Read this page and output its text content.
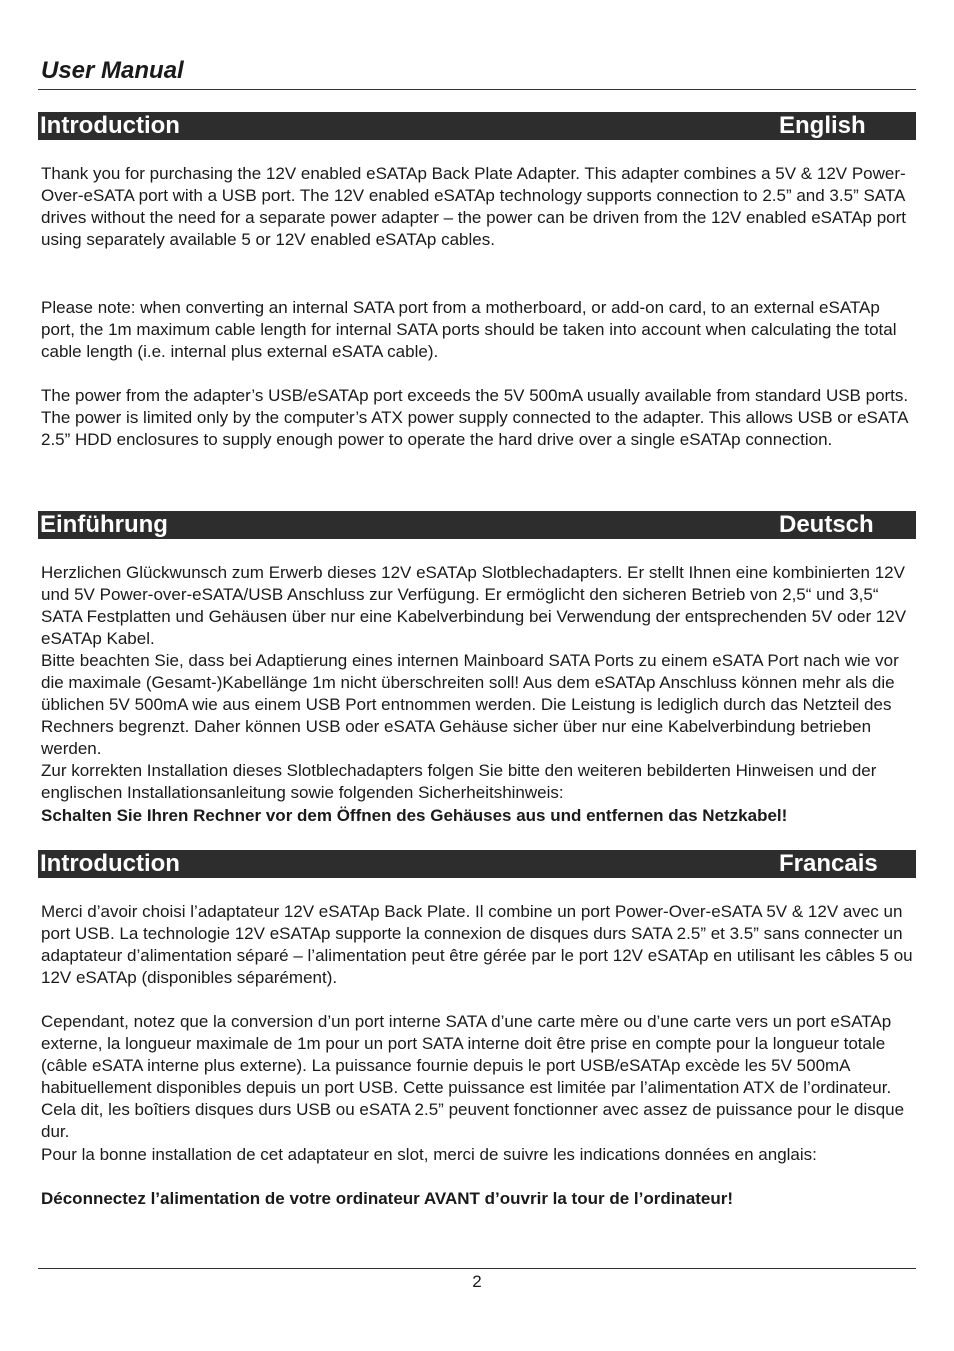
User Manual
Introduction	English

Thank you for purchasing the 12V enabled eSATAp Back Plate Adapter. This adapter combines a 5V & 12V Power-Over-eSATA port with a USB port. The 12V enabled eSATAp technology supports connection to 2.5” and 3.5” SATA drives without the need for a separate power adapter – the power can be driven from the 12V enabled eSATAp port using separately available 5 or 12V enabled eSATAp cables.

Please note: when converting an internal SATA port from a motherboard, or add-on card, to an external eSATAp port, the 1m maximum cable length for internal SATA ports should be taken into account when calculating the total cable length (i.e. internal plus external eSATA cable).

The power from the adapter’s USB/eSATAp port exceeds the 5V 500mA usually available from standard USB ports. The power is limited only by the computer’s ATX power supply connected to the adapter. This allows USB or eSATA 2.5” HDD enclosures to supply enough power to operate the hard drive over a single eSATAp connection.

Einführung	Deutsch

Herzlichen Glückwunsch zum Erwerb dieses 12V eSATAp Slotblechadapters. Er stellt Ihnen eine kombinierten 12V und 5V Power-over-eSATA/USB Anschluss zur Verfügung. Er ermöglicht den sicheren Betrieb von 2,5“ und 3,5“ SATA Festplatten und Gehäusen über nur eine Kabelverbindung bei Verwendung der entsprechenden 5V oder 12V eSATAp Kabel.

Bitte beachten Sie, dass bei Adaptierung eines internen Mainboard SATA Ports zu einem eSATA Port nach wie vor die maximale (Gesamt-)Kabellänge 1m nicht überschreiten soll! Aus dem eSATAp Anschluss können mehr als die üblichen 5V 500mA wie aus einem USB Port entnommen werden. Die Leistung is lediglich durch das Netzteil des Rechners begrenzt. Daher können USB oder eSATA Gehäuse sicher über nur eine Kabelverbindung betrieben werden.

Zur korrekten Installation dieses Slotblechadapters folgen Sie bitte den weiteren bebilderten Hinweisen und der englischen Installationsanleitung sowie folgenden Sicherheitshinweis:

Schalten Sie Ihren Rechner vor dem Öffnen des Gehäuses aus und entfernen das Netzkabel!

Introduction	Francais

Merci d’avoir choisi l’adaptateur 12V eSATAp Back Plate. Il combine un port Power-Over-eSATA 5V & 12V avec un port USB. La technologie 12V eSATAp supporte la connexion de disques durs SATA 2.5” et 3.5” sans connecter un adaptateur d’alimentation séparé – l’alimentation peut être gérée par le port 12V eSATAp en utilisant les câbles 5 ou 12V eSATAp (disponibles séparément).

Cependant, notez que la conversion d’un port interne SATA d’une carte mère ou d’une carte vers un port eSATAp externe, la longueur maximale de 1m pour un port SATA interne doit être prise en compte pour la longueur totale (câble eSATA interne plus externe). La puissance fournie depuis le port USB/eSATAp excède les 5V 500mA habituellement disponibles depuis un port USB. Cette puissance est limitée par l’alimentation ATX de l’ordinateur. Cela dit, les boîtiers disques durs USB ou eSATA 2.5” peuvent fonctionner avec assez de puissance pour le disque dur.

Pour la bonne installation de cet adaptateur en slot, merci de suivre les indications données en anglais:

Déconnectez l’alimentation de votre ordinateur AVANT d’ouvrir la tour de l’ordinateur!

2
